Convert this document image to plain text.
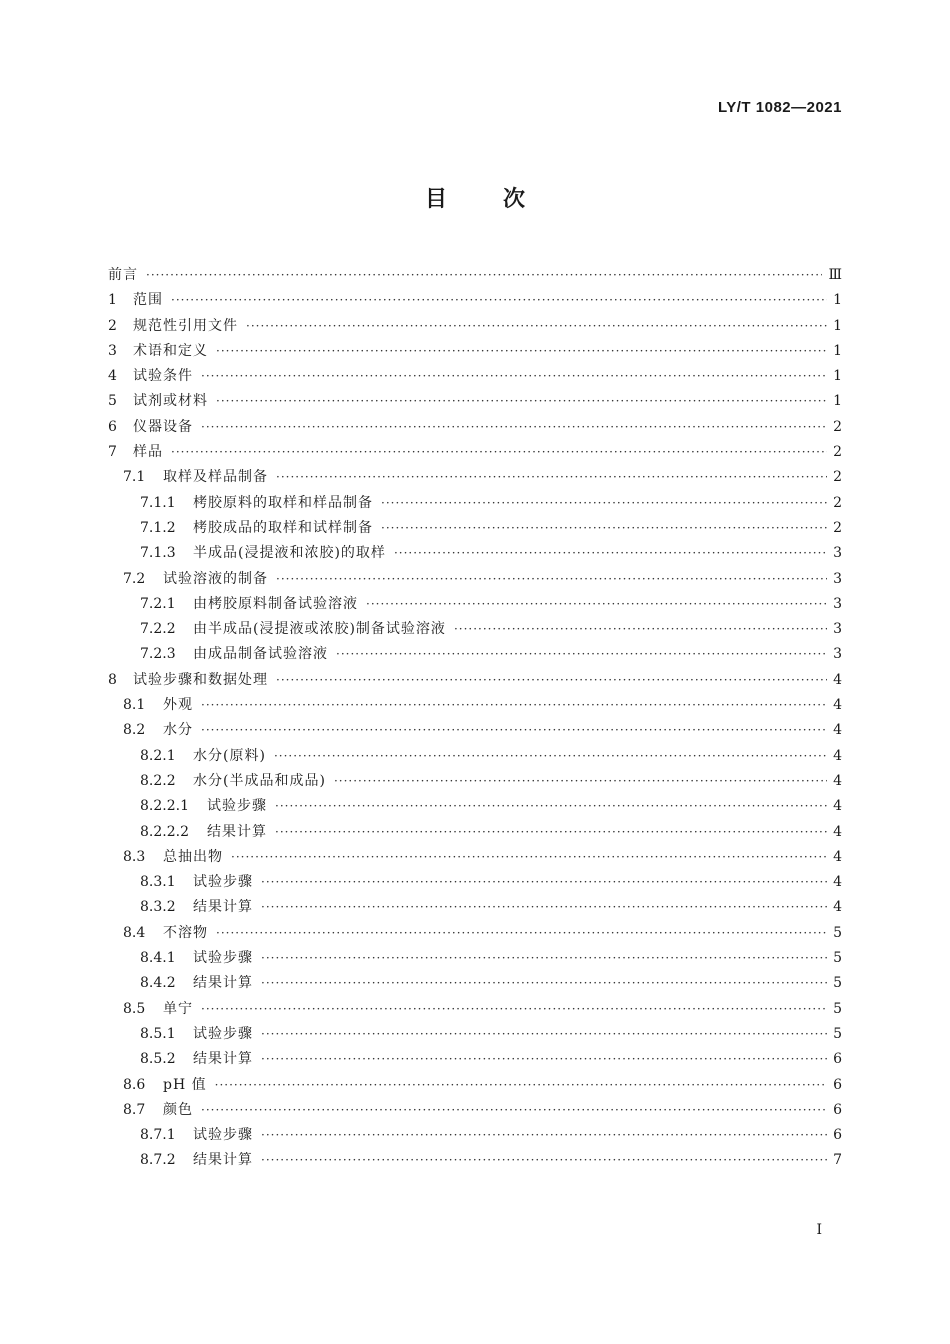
LY/T 1082—2021
目	次
前言 ·····	Ⅲ
1	范围 ·····	1
2	规范性引用文件 ·····	1
3	术语和定义 ·····	1
4	试验条件 ·····	1
5	试剂或材料 ·····	1
6	仪器设备 ·····	2
7	样品 ·····	2
7.1	取样及样品制备 ·····	2
7.1.1	栲胶原料的取样和样品制备 ·····	2
7.1.2	栲胶成品的取样和试样制备 ·····	2
7.1.3	半成品(浸提液和浓胶)的取样 ·····	3
7.2	试验溶液的制备 ·····	3
7.2.1	由栲胶原料制备试验溶液 ·····	3
7.2.2	由半成品(浸提液或浓胶)制备试验溶液 ·····	3
7.2.3	由成品制备试验溶液 ·····	3
8	试验步骤和数据处理 ·····	4
8.1	外观 ·····	4
8.2	水分 ·····	4
8.2.1	水分(原料) ·····	4
8.2.2	水分(半成品和成品) ·····	4
8.2.2.1	试验步骤 ·····	4
8.2.2.2	结果计算 ·····	4
8.3	总抽出物 ·····	4
8.3.1	试验步骤 ·····	4
8.3.2	结果计算 ·····	4
8.4	不溶物 ·····	5
8.4.1	试验步骤 ·····	5
8.4.2	结果计算 ·····	5
8.5	单宁 ·····	5
8.5.1	试验步骤 ·····	5
8.5.2	结果计算 ·····	6
8.6	pH 值 ·····	6
8.7	颜色 ·····	6
8.7.1	试验步骤 ·····	6
8.7.2	结果计算 ·····	7
I
